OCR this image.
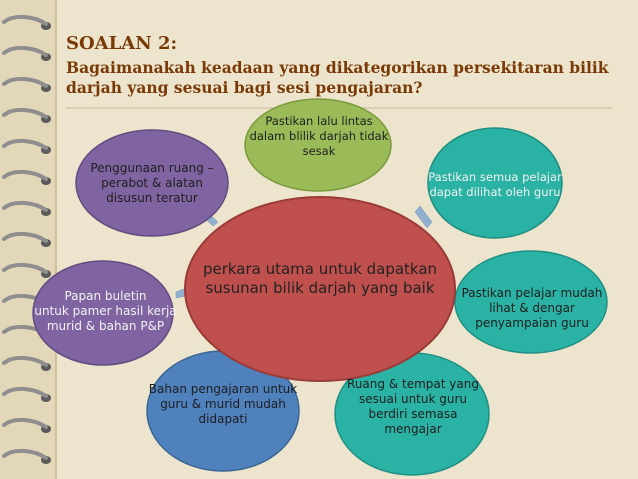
SOALAN 2:
Bagaimanakah keadaan yang dikategorikan persekitaran bilik
darjah yang sesuai bagi sesi pengajaran?
perkara utama untuk dapatkan
susunan bilik darjah yang baik
Pastikan lalu lintas
dalam blilik darjah tidak
sesak
Pastikan semua pelajar
dapat dilihat oleh guru
Pastikan pelajar mudah
lihat & dengar
penyampaian guru
Ruang & tempat yang
sesuai untuk guru
berdiri semasa
mengajar
Bahan pengajaran untuk
guru & murid mudah
didapati
Papan buletin
untuk pamer hasil kerja
murid & bahan P&P
Penggunaan ruang –
perabot & alatan
disusun teratur
